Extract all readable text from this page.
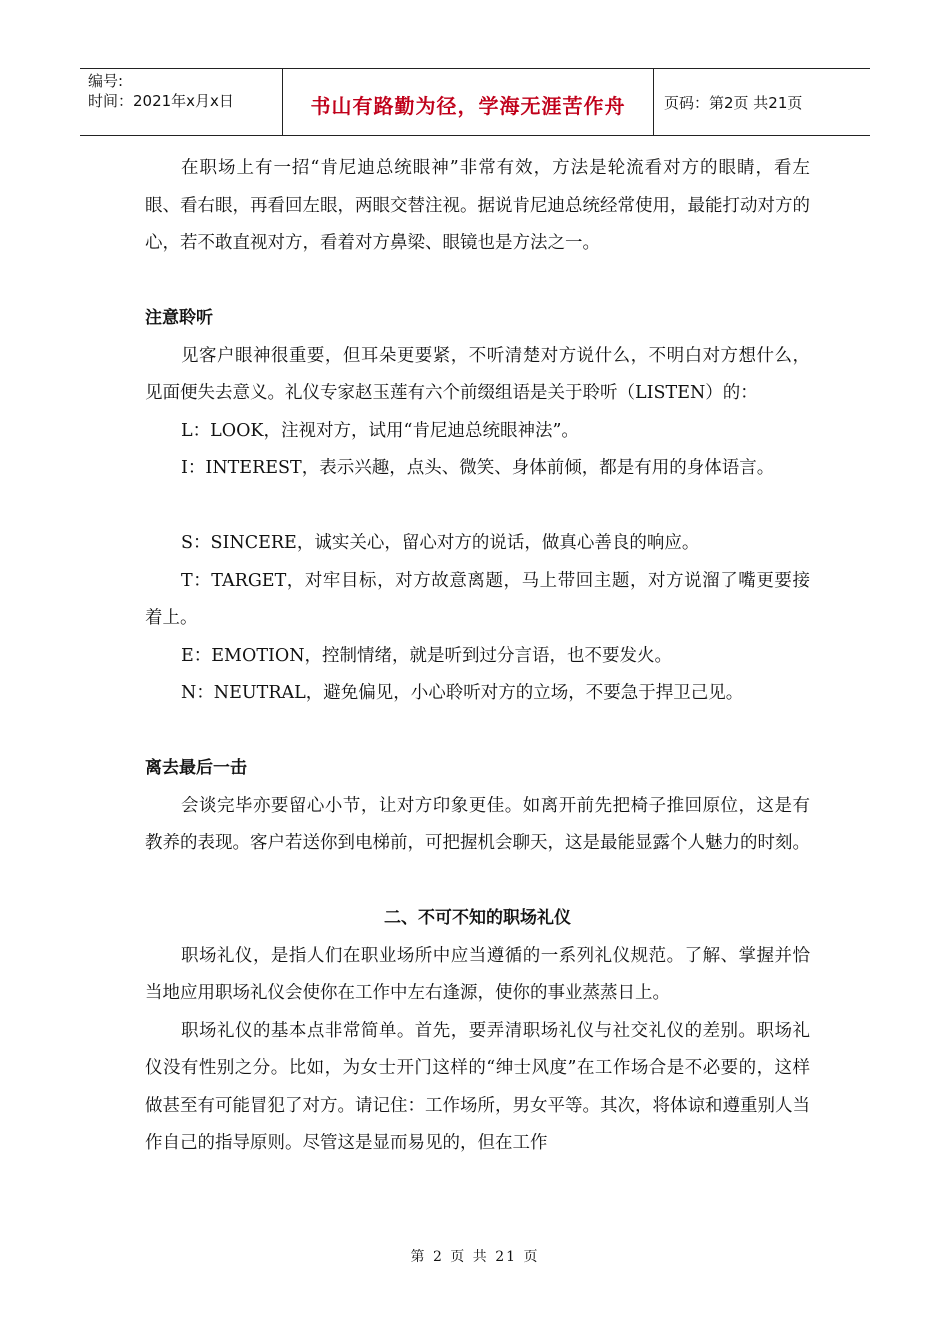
编号:
时间：2021年x月x日	书山有路勤为径，学海无涯苦作舟	页码：第2页 共21页

在职场上有一招“肯尼迪总统眼神”非常有效，方法是轮流看对方的眼睛，看左眼、看右眼，再看回左眼，两眼交替注视。据说肯尼迪总统经常使用，最能打动对方的心，若不敢直视对方，看着对方鼻梁、眼镜也是方法之一。

注意聆听

见客户眼神很重要，但耳朵更要紧，不听清楚对方说什么，不明白对方想什么，见面便失去意义。礼仪专家赵玉莲有六个前缀组语是关于聆听（LISTEN）的：

L：LOOK，注视对方，试用“肯尼迪总统眼神法”。

I：INTEREST，表示兴趣，点头、微笑、身体前倾，都是有用的身体语言。

S：SINCERE，诚实关心，留心对方的说话，做真心善良的响应。

T：TARGET，对牢目标，对方故意离题，马上带回主题，对方说溜了嘴更要接着上。

E：EMOTION，控制情绪，就是听到过分言语，也不要发火。

N：NEUTRAL，避免偏见，小心聆听对方的立场，不要急于捍卫己见。

离去最后一击

会谈完毕亦要留心小节，让对方印象更佳。如离开前先把椅子推回原位，这是有教养的表现。客户若送你到电梯前，可把握机会聊天，这是最能显露个人魅力的时刻。

二、不可不知的职场礼仪

职场礼仪，是指人们在职业场所中应当遵循的一系列礼仪规范。了解、掌握并恰当地应用职场礼仪会使你在工作中左右逢源，使你的事业蒸蒸日上。

职场礼仪的基本点非常简单。首先，要弄清职场礼仪与社交礼仪的差别。职场礼仪没有性别之分。比如，为女士开门这样的“绅士风度”在工作场合是不必要的，这样做甚至有可能冒犯了对方。请记住：工作场所，男女平等。其次，将体谅和遵重别人当作自己的指导原则。尽管这是显而易见的，但在工作

第 2 页 共 21 页
